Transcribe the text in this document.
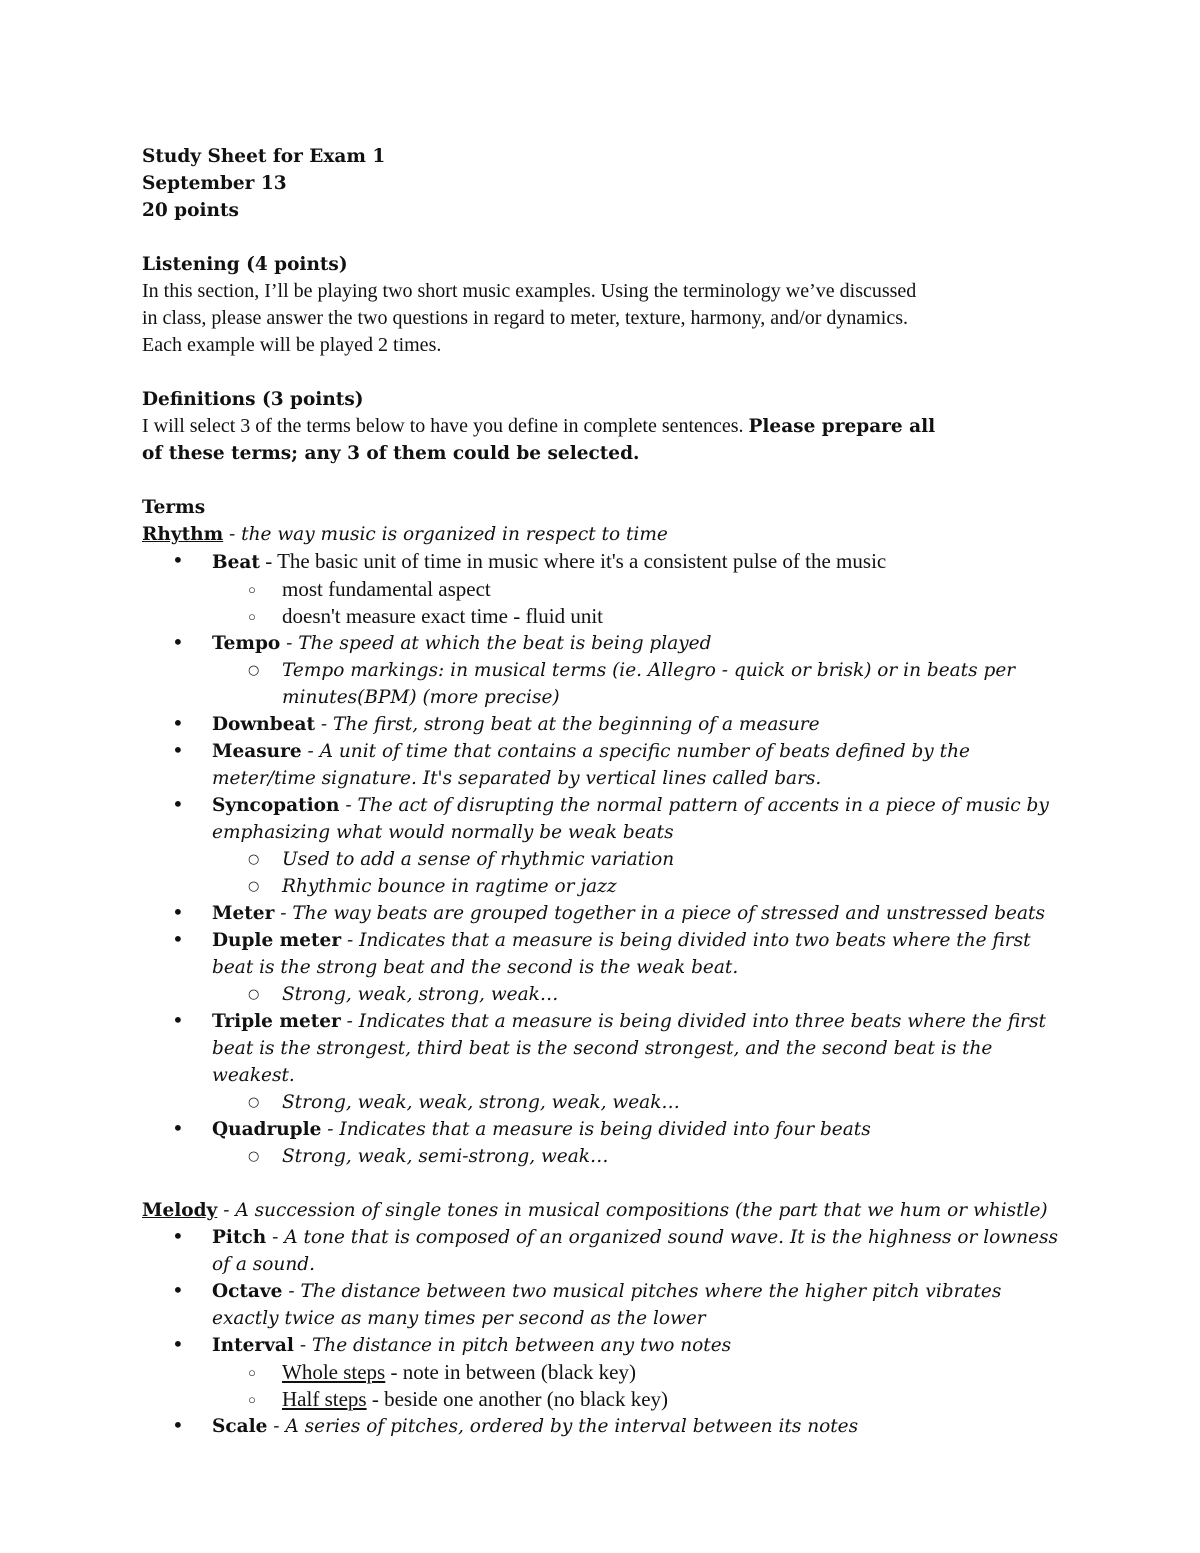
Study Sheet for Exam 1

September 13

20 points

Listening (4 points)

In this section, I’ll be playing two short music examples. Using the terminology we’ve discussed

in class, please answer the two questions in regard to meter, texture, harmony, and/or dynamics.

Each example will be played 2 times.

Definitions (3 points)

I will select 3 of the terms below to have you define in complete sentences. Please prepare all

of these terms; any 3 of them could be selected.

Terms

Rhythm - the way music is organized in respect to time

• Beat - The basic unit of time in music where it's a consistent pulse of the music
○ most fundamental aspect
○ doesn't measure exact time - fluid unit
• Tempo - The speed at which the beat is being played
○ Tempo markings: in musical terms (ie. Allegro - quick or brisk) or in beats per minutes(BPM) (more precise)
• Downbeat - The first, strong beat at the beginning of a measure
• Measure - A unit of time that contains a specific number of beats defined by the meter/time signature. It's separated by vertical lines called bars.
• Syncopation - The act of disrupting the normal pattern of accents in a piece of music by emphasizing what would normally be weak beats
○ Used to add a sense of rhythmic variation
○ Rhythmic bounce in ragtime or jazz
• Meter - The way beats are grouped together in a piece of stressed and unstressed beats
• Duple meter - Indicates that a measure is being divided into two beats where the first beat is the strong beat and the second is the weak beat.
○ Strong, weak, strong, weak…
• Triple meter - Indicates that a measure is being divided into three beats where the first beat is the strongest, third beat is the second strongest, and the second beat is the weakest.
○ Strong, weak, weak, strong, weak, weak…
• Quadruple - Indicates that a measure is being divided into four beats
○ Strong, weak, semi-strong, weak…

Melody - A succession of single tones in musical compositions (the part that we hum or whistle)

• Pitch - A tone that is composed of an organized sound wave. It is the highness or lowness of a sound.
• Octave - The distance between two musical pitches where the higher pitch vibrates exactly twice as many times per second as the lower
• Interval - The distance in pitch between any two notes
○ Whole steps - note in between (black key)
○ Half steps - beside one another (no black key)
• Scale - A series of pitches, ordered by the interval between its notes
